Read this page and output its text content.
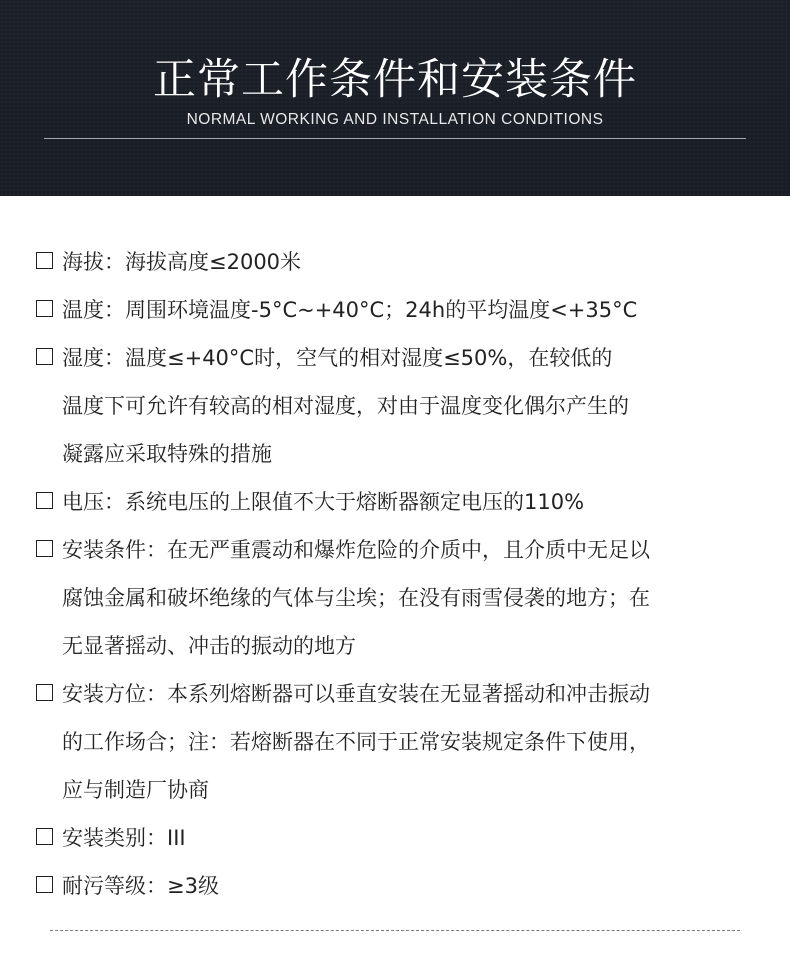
正常工作条件和安装条件
NORMAL WORKING AND INSTALLATION CONDITIONS
海拔：海拔高度≤2000米
温度：周围环境温度-5°C~+40°C；24h的平均温度<+35°C
湿度：温度≤+40°C时，空气的相对湿度≤50%，在较低的
温度下可允许有较高的相对湿度，对由于温度变化偶尔产生的
凝露应采取特殊的措施
电压：系统电压的上限值不大于熔断器额定电压的110%
安装条件：在无严重震动和爆炸危险的介质中，且介质中无足以
腐蚀金属和破坏绝缘的气体与尘埃；在没有雨雪侵袭的地方；在
无显著摇动、冲击的振动的地方
安装方位：本系列熔断器可以垂直安装在无显著摇动和冲击振动
的工作场合；注：若熔断器在不同于正常安装规定条件下使用，
应与制造厂协商
安装类别：III
耐污等级：≥3级
